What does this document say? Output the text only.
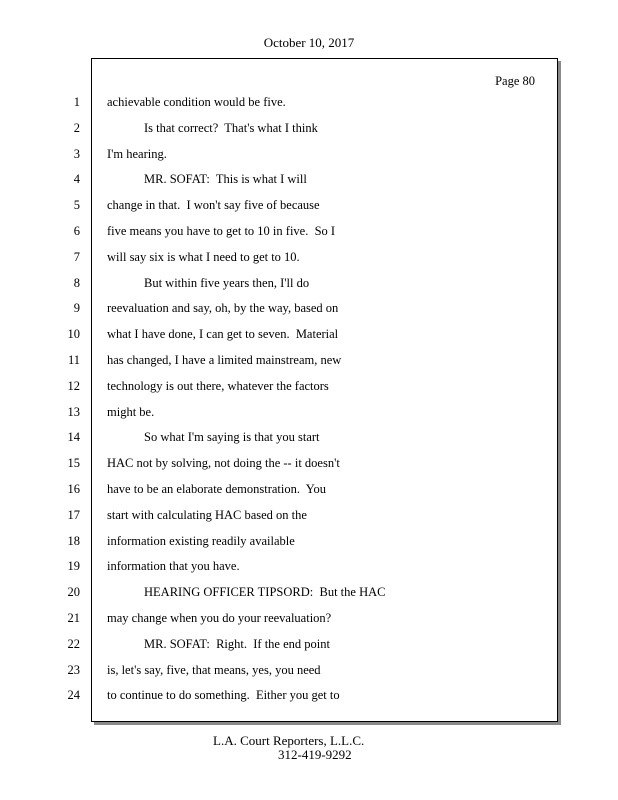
October 10, 2017
Page 80
1
2
3
4
5
6
7
8
9
10
11
12
13
14
15
16
17
18
19
20
21
22
23
24
achievable condition would be five.
Is that correct?  That's what I think
I'm hearing.
MR. SOFAT:  This is what I will
change in that.  I won't say five of because
five means you have to get to 10 in five.  So I
will say six is what I need to get to 10.
But within five years then, I'll do
reevaluation and say, oh, by the way, based on
what I have done, I can get to seven.  Material
has changed, I have a limited mainstream, new
technology is out there, whatever the factors
might be.
So what I'm saying is that you start
HAC not by solving, not doing the -- it doesn't
have to be an elaborate demonstration.  You
start with calculating HAC based on the
information existing readily available
information that you have.
HEARING OFFICER TIPSORD:  But the HAC
may change when you do your reevaluation?
MR. SOFAT:  Right.  If the end point
is, let's say, five, that means, yes, you need
to continue to do something.  Either you get to
L.A. Court Reporters, L.L.C.
312-419-9292
